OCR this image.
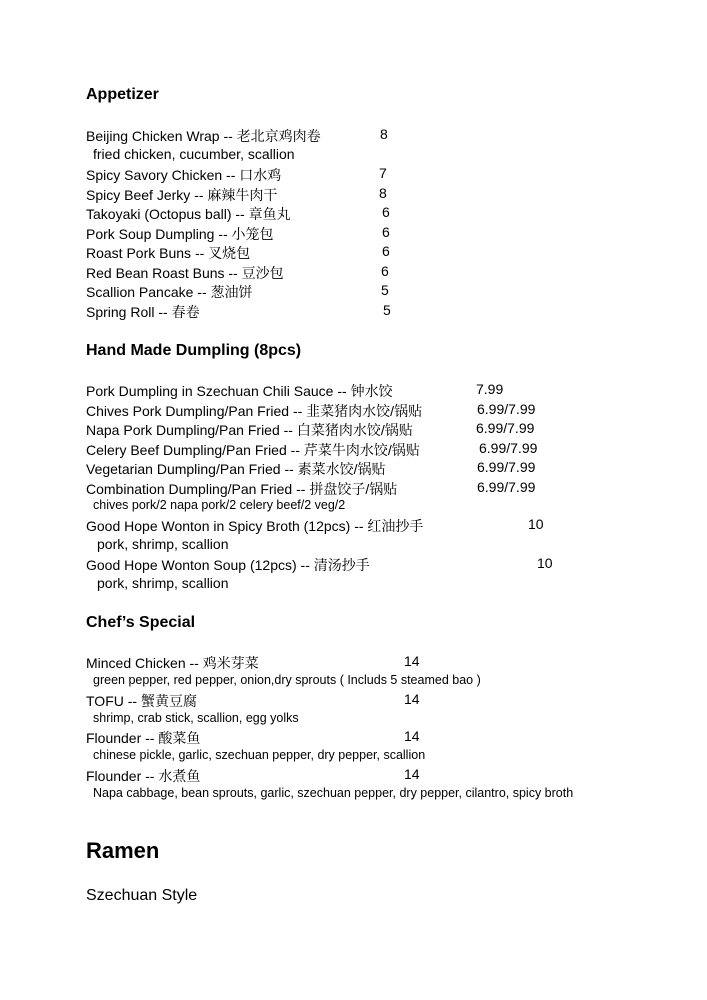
Appetizer
Beijing Chicken Wrap -- 老北京鸡肉卷	8
fried chicken, cucumber, scallion
Spicy Savory Chicken -- 口水鸡	7
Spicy Beef Jerky -- 麻辣牛肉干	8
Takoyaki (Octopus ball) -- 章鱼丸	6
Pork Soup Dumpling -- 小笼包	6
Roast Pork Buns -- 叉烧包	6
Red Bean Roast Buns -- 豆沙包	6
Scallion Pancake -- 葱油饼	5
Spring Roll -- 春卷	5
Hand Made Dumpling (8pcs)
Pork Dumpling in Szechuan Chili Sauce -- 钟水饺	7.99
Chives Pork Dumpling/Pan Fried -- 韭菜猪肉水饺/锅贴	6.99/7.99
Napa Pork Dumpling/Pan Fried -- 白菜猪肉水饺/锅贴	6.99/7.99
Celery Beef Dumpling/Pan Fried -- 芹菜牛肉水饺/锅贴	6.99/7.99
Vegetarian Dumpling/Pan Fried -- 素菜水饺/锅贴	6.99/7.99
Combination Dumpling/Pan Fried -- 拼盘饺子/锅贴	6.99/7.99
chives pork/2 napa pork/2 celery beef/2 veg/2
Good Hope Wonton in Spicy Broth (12pcs) -- 红油抄手	10
pork, shrimp, scallion
Good Hope Wonton Soup (12pcs) -- 清汤抄手	10
pork, shrimp, scallion
Chef’s Special
Minced Chicken -- 鸡米芽菜	14
green pepper, red pepper, onion,dry sprouts ( Includs 5 steamed bao )
TOFU -- 蟹黄豆腐	14
shrimp, crab stick, scallion, egg yolks
Flounder -- 酸菜鱼	14
chinese pickle, garlic, szechuan pepper, dry pepper, scallion
Flounder -- 水煮鱼	14
Napa cabbage, bean sprouts, garlic, szechuan pepper, dry pepper, cilantro, spicy broth
Ramen
Szechuan Style
